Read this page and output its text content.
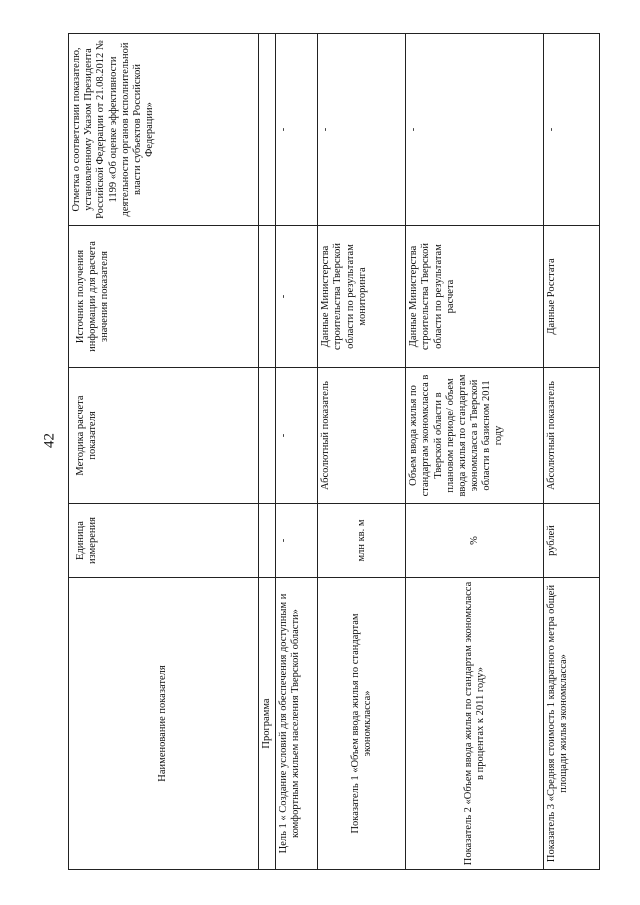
42
Наименование показателя	Единица измерения	Методика расчета показателя	Источник получения информации для расчета значения показателя	Отметка о соответствии показателю, установленному Указом Президента Российской Федерации от 21.08.2012 № 1199 «Об оценке эффективности деятельности органов исполнительной власти субъектов Российской Федерации»
Программа				
Цель 1 « Создание условий для обеспечения доступным и комфортным жильем населения Тверской области»	-	-	-	-
Показатель 1 «Объем ввода жилья по стандартам экономкласса»	млн кв. м	Абсолютный показатель	Данные Министерства строительства Тверской области по результатам мониторинга	-
Показатель 2 «Объем ввода жилья по стандартам экономкласса в процентах к 2011 году»	%	Объем ввода жилья по стандартам экономкласса в Тверской области в плановом периоде/ объем ввода жилья по стандартам экономкласса в Тверской области в базисном 2011 году	Данные Министерства строительства Тверской области по результатам расчета	-
Показатель 3 «Средняя стоимость 1 квадратного метра общей площади жилья экономкласса»	рублей	Абсолютный показатель	Данные Росстата	-
